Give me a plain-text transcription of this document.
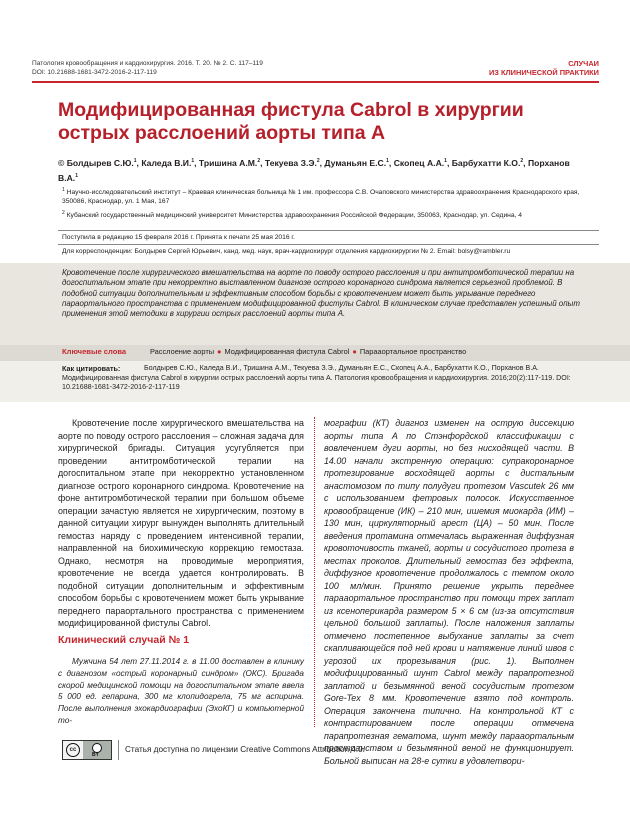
Патология кровообращения и кардиохирургия. 2016. Т. 20. № 2. С. 117–119
DOI: 10.21688-1681-3472-2016-2-117-119
СЛУЧАИ
ИЗ КЛИНИЧЕСКОЙ ПРАКТИКИ
Модифицированная фистула Cabrol в хирургии острых расслоений аорты типа А
© Болдырев С.Ю.$^1$, Каледа В.И.$^1$, Тришина А.М.$^2$, Текуева З.Э.$^2$, Думаньян Е.С.$^1$, Скопец А.А.$^1$, Барбухатти К.О.$^2$, Порханов В.А.$^1$
$^1$ Научно-исследовательский институт – Краевая клиническая больница № 1 им. профессора С.В. Очаповского министерства здравоохранения Краснодарского края, 350086, Краснодар, ул. 1 Мая, 167
$^2$ Кубанский государственный медицинский университет Министерства здравоохранения Российской Федерации, 350063, Краснодар, ул. Седина, 4
Поступила в редакцию 15 февраля 2016 г. Принята к печати 25 мая 2016 г.
Для корреспонденции: Болдырев Сергей Юрьевич, канд. мед. наук, врач-кардиохирург отделения кардиохирургии № 2. Email: bolsy@rambler.ru
Кровотечение после хирургического вмешательства на аорте по поводу острого расслоения и при антитромботической терапии на догоспитальном этапе при некорректно выставленном диагнозе острого коронарного синдрома является серьезной проблемой. В подобной ситуации дополнительным и эффективным способом борьбы с кровотечением может быть укрывание переднего параортального пространства с применением модифицированной фистулы Cabrol. В клиническом случае представлен успешный опыт применения этой методики в хирургии острых расслоений аорты типа А.
Ключевые слова	Расслоение аорты ● Модифицированная фистула Cabrol ● Парааортальное пространство
Как цитировать:	Болдырев С.Ю., Каледа В.И., Тришина А.М., Текуева З.Э., Думаньян Е.С., Скопец А.А., Барбухатти К.О., Порханов В.А. Модифицированная фистула Cabrol в хирургии острых расслоений аорты типа А. Патология кровообращения и кардиохирургия. 2016;20(2):117-119. DOI: 10.21688-1681-3472-2016-2-117-119

Кровотечение после хирургического вмешательства на аорте по поводу острого расслоения – сложная задача для хирургической бригады. Ситуация усугубляется при проведении антитромботической терапии на догоспитальном этапе при некорректно установленном диагнозе острого коронарного синдрома. Кровотечение на фоне антитромботической терапии при большом объеме операции зачастую является не хирургическим, поэтому в данной ситуации хирург вынужден выполнять длительный гемостаз наряду с проведением интенсивной терапии, направленной на биохимическую коррекцию гемостаза. Однако, несмотря на проводимые мероприятия, кровотечение не всегда удается контролировать. В подобной ситуации дополнительным и эффективным способом борьбы с кровотечением может быть укрывание переднего параортального пространства с применением модифицированной фистулы Cabrol.

Клинический случай № 1

Мужчина 54 лет 27.11.2014 г. в 11.00 доставлен в клинику с диагнозом «острый коронарный синдром» (ОКС). Бригада скорой медицинской помощи на догоспитальном этапе ввела 5 000 ед. гепарина, 300 мг клопидогрела, 75 мг аспирина. После выполнения эхокардиографии (ЭхоКГ) и компьютерной то-

мографии (КТ) диагноз изменен на острую диссекцию аорты типа А по Стэнфордской классификации с вовлечением дуги аорты, но без нисходящей части. В 14.00 начали экстренную операцию: супракоронарное протезирование восходящей аорты с дистальным анастомозом по типу полудуги протезом Vascutek 26 мм с использованием фетровых полосок. Искусственное кровообращение (ИК) – 210 мин, ишемия миокарда (ИМ) – 130 мин, циркуляторный арест (ЦА) – 50 мин. После введения протамина отмечалась выраженная диффузная кровоточивость тканей, аорты и сосудистого протеза в местах проколов. Длительный гемостаз без эффекта, диффузное кровотечение продолжалось с темпом около 100 мл/мин. Принято решение укрыть переднее парааортальное пространство при помощи трех заплат из ксеноперикарда размером 5 × 6 см (из-за отсутствия цельной большой заплаты). После наложения заплаты отмечено постепенное выбухание заплаты за счет скапливающейся под ней крови и натяжение линий швов с угрозой их прорезывания (рис. 1). Выполнен модифицированный шунт Cabrol между парапротезной заплатой и безымянной веной сосудистым протезом Gore-Tex 8 мм. Кровотечение взято под контроль. Операция закончена типично. На контрольной КТ с контрастированием после операции отмечена парапротезная гематома, шунт между парааортальным пространством и безымянной веной не функционирует. Больной выписан на 28-е сутки в удовлетвори-

cc
BY
Статья доступна по лицензии Creative Commons Attribution 4.0.
